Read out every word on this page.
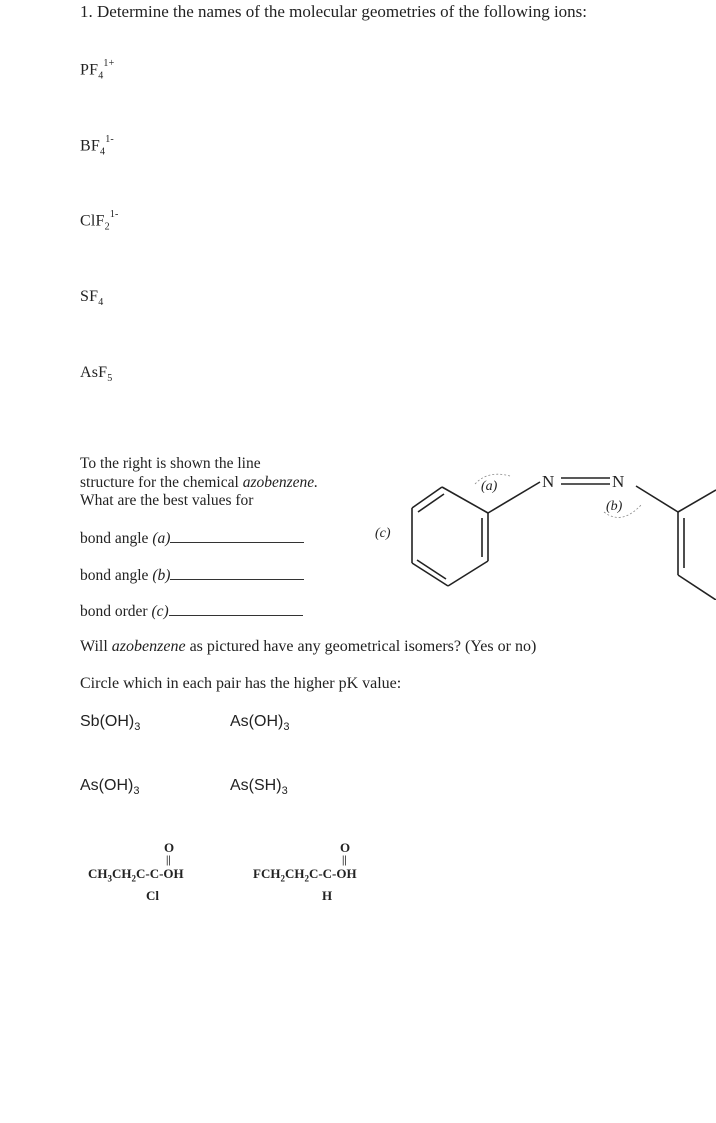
1. Determine the names of the molecular geometries of the following ions:
$PF_4^{1+}$
$BF_4^{1-}$
ClF$_2^{1-}$
$SF_4$
AsF$_5$
To the right is shown the line
structure for the chemical azobenzene.
What are the best values for
bond angle (a)
bond angle (b)
bond order (c)
N	N
(a)
(b)
(c)
Will azobenzene as pictured have any geometrical isomers? (Yes or no)
Circle which in each pair has the higher pK value:
$Sb(OH)_3$	$As(OH)_3$
$As(OH)_3$	$As(SH)_3$
O
||
$CH_3CH_2C-C-OH$
Cl
O
||
$FCH_2CH_2C-C-OH$
H
